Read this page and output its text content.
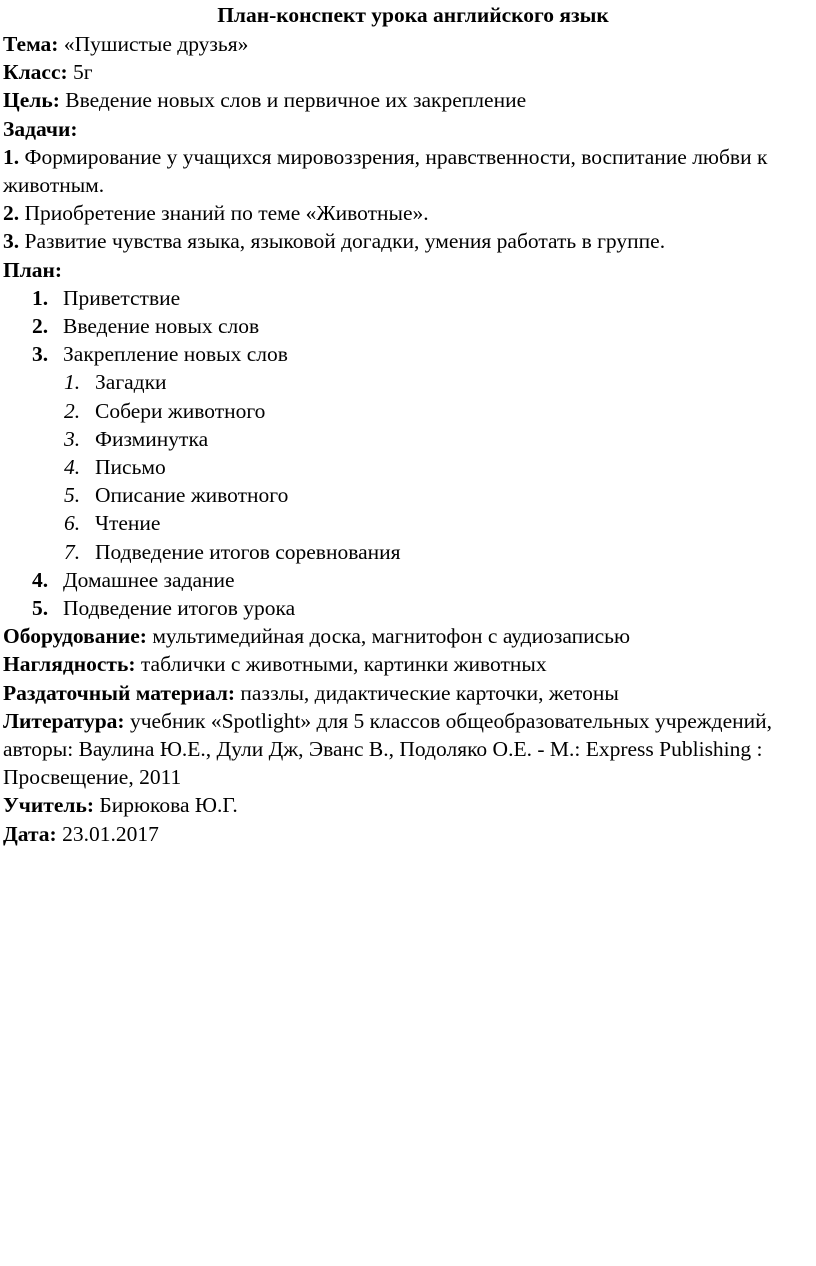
План-конспект урока английского язык

Тема: «Пушистые друзья»

Класс: 5г

Цель: Введение новых слов и первичное их закрепление

Задачи:

1. Формирование у учащихся мировоззрения, нравственности, воспитание любви к животным.

2. Приобретение знаний по теме «Животные».

3. Развитие чувства языка, языковой догадки, умения работать в группе.

План:

1. Приветствие
2. Введение новых слов
3. Закрепление новых слов
1. Загадки
2. Собери животного
3. Физминутка
4. Письмо
5. Описание животного
6. Чтение
7. Подведение итогов соревнования
4. Домашнее задание
5. Подведение итогов урока

Оборудование: мультимедийная доска, магнитофон с аудиозаписью

Наглядность: таблички с животными, картинки животных

Раздаточный материал: паззлы, дидактические карточки, жетоны

Литература: учебник «Spotlight» для 5 классов общеобразовательных учреждений, авторы: Ваулина Ю.Е., Дули Дж, Эванс В., Подоляко О.Е. - М.: Express Publishing : Просвещение, 2011

Учитель: Бирюкова Ю.Г.

Дата: 23.01.2017
